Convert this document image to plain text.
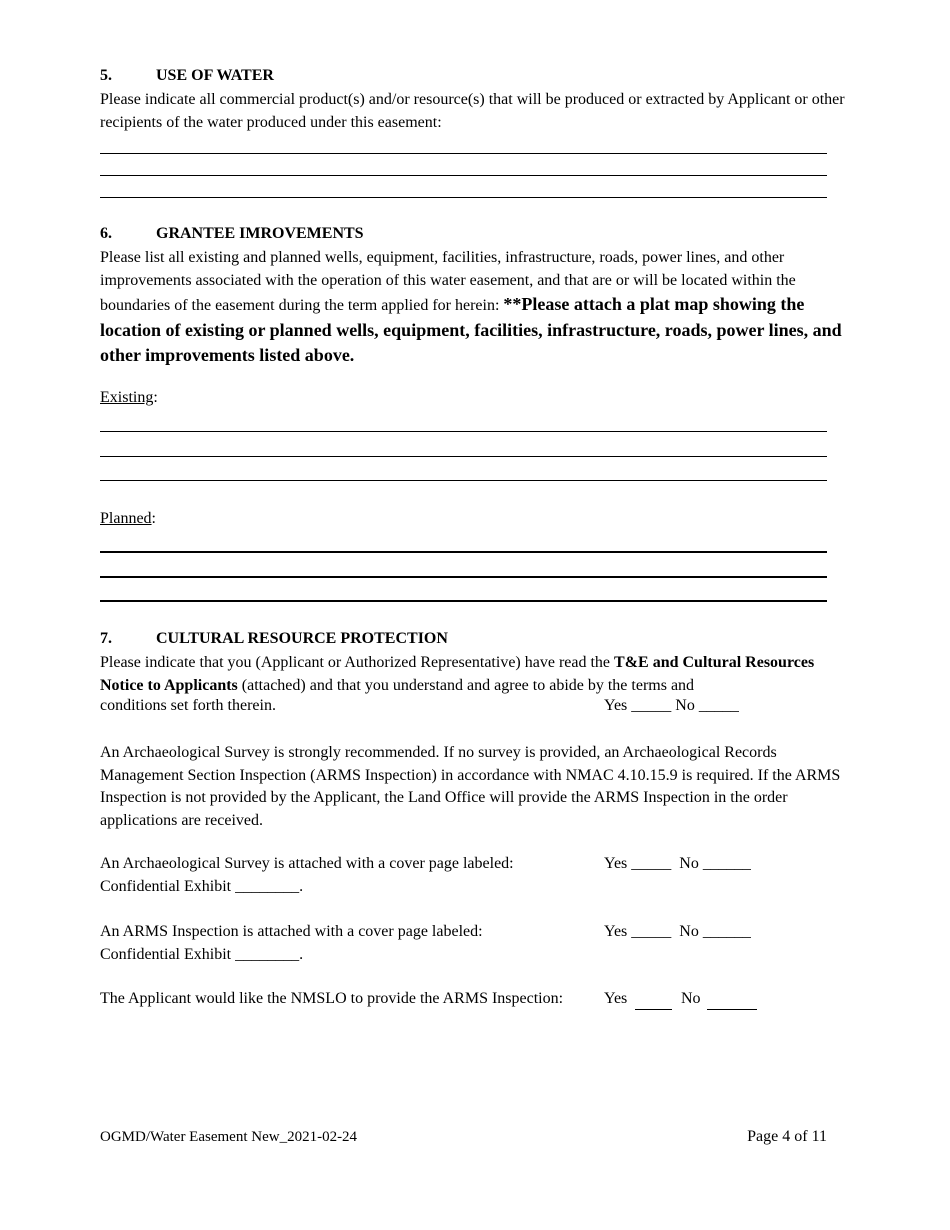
5.	USE OF WATER
Please indicate all commercial product(s) and/or resource(s) that will be produced or extracted by Applicant or other recipients of the water produced under this easement:
6.	GRANTEE IMROVEMENTS
Please list all existing and planned wells, equipment, facilities, infrastructure, roads, power lines, and other improvements associated with the operation of this water easement, and that are or will be located within the boundaries of the easement during the term applied for herein: **Please attach a plat map showing the
location of existing or planned wells, equipment, facilities, infrastructure, roads, power lines, and other improvements listed above.
Existing:
Planned:
7.	CULTURAL RESOURCE PROTECTION
Please indicate that you (Applicant or Authorized Representative) have read the T&E and Cultural Resources Notice to Applicants (attached) and that you understand and agree to abide by the terms and
conditions set forth therein.	Yes _____ No _____
An Archaeological Survey is strongly recommended. If no survey is provided, an Archaeological Records Management Section Inspection (ARMS Inspection) in accordance with NMAC 4.10.15.9 is required. If the ARMS Inspection is not provided by the Applicant, the Land Office will provide the ARMS Inspection in the order applications are received.
An Archaeological Survey is attached with a cover page labeled:	Yes _____  No ______
Confidential Exhibit ________.
An ARMS Inspection is attached with a cover page labeled:	Yes _____  No ______
Confidential Exhibit ________.
The Applicant would like the NMSLO to provide the ARMS Inspection:	Yes	No
OGMD/Water Easement New_2021-02-24	Page 4 of 11
